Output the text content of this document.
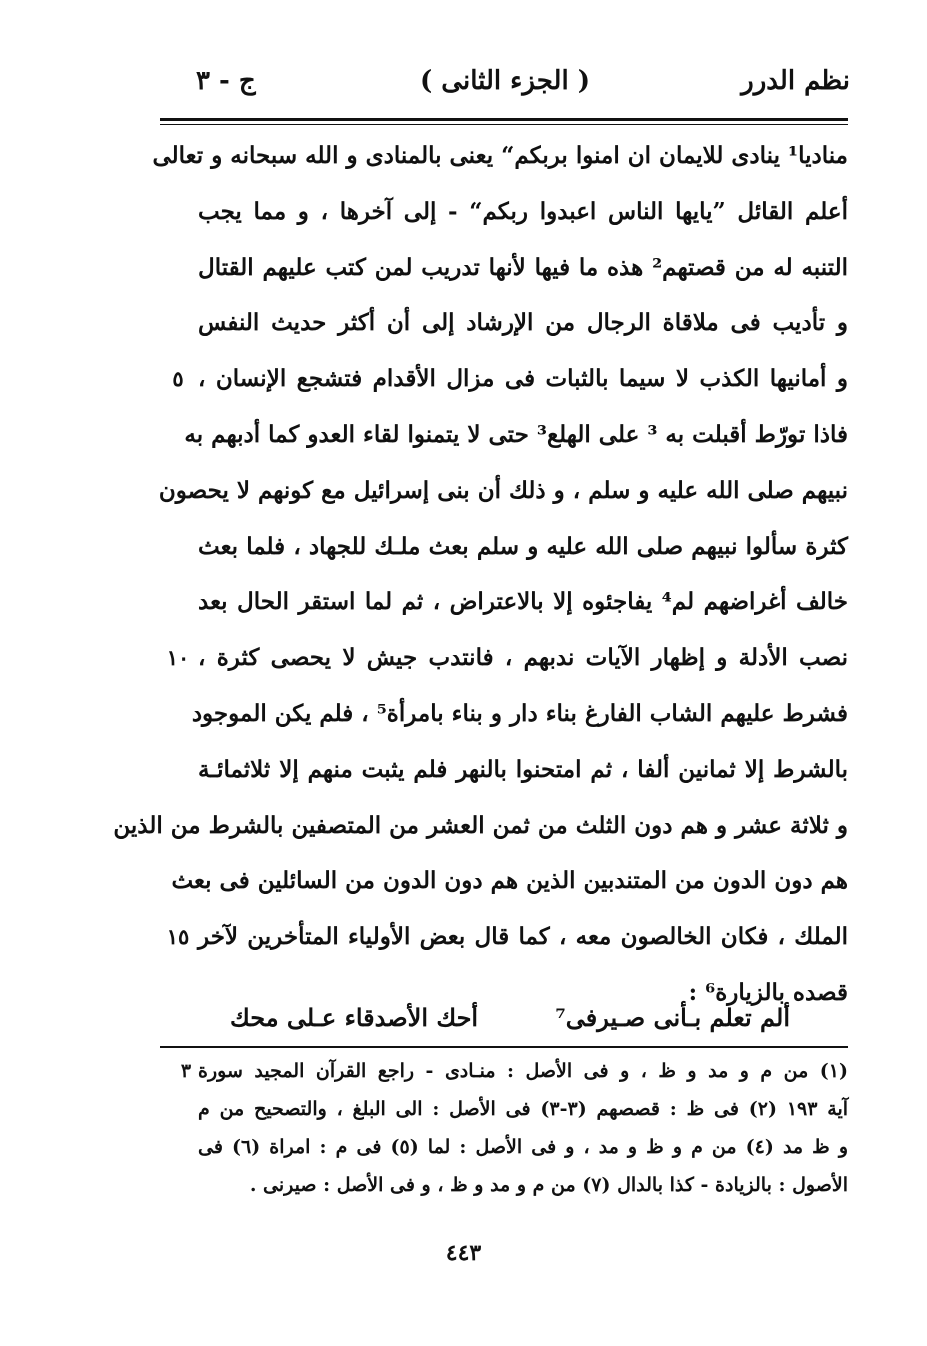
نظم الدرر
( الجزء الثانى )
ج - ٣
مناديا¹ ينادى للايمان ان امنوا بربكم“ يعنى بالمنادى و الله سبحانه و تعالى
أعلم القائل ”يايها الناس اعبدوا ربكم“ - إلى آخرها ، و مما يجب
التنبه له من قصتهم² هذه ما فيها لأنها تدريب لمن كتب عليهم القتال
و تأديب فى ملاقاة الرجال من الإرشاد إلى أن أكثر حديث النفس
و أمانيها الكذب لا سيما بالثبات فى مزال الأقدام فتشجع الإنسان ،
فاذا تورّط أقبلت به ³ على الهلع³ حتى لا يتمنوا لقاء العدو كما أدبهم به
نبيهم صلى الله عليه و سلم ، و ذلك أن بنى إسرائيل مع كونهم لا يحصون
كثرة سألوا نبيهم صلى الله عليه و سلم بعث ملـك للجهاد ، فلما بعث
خالف أغراضهم لم⁴ يفاجئوه إلا بالاعتراض ، ثم لما استقر الحال بعد
نصب الأدلة و إظهار الآيات ندبهم ، فانتدب جيش لا يحصى كثرة ،
فشرط عليهم الشاب الفارغ بناء دار و بناء بامرأة⁵ ، فلم يكن الموجود
بالشرط إلا ثمانين ألفا ، ثم امتحنوا بالنهر فلم يثبت منهم إلا ثلاثمائـة
و ثلاثة عشر و هم دون الثلث من ثمن العشر من المتصفين بالشرط من الذين
هم دون الدون من المتندبين الذين هم دون الدون من السائلين فى بعث
الملك ، فكان الخالصون معه ، كما قال بعض الأولياء المتأخرين لآخر
قصده بالزيارة⁶ :
٥
١٠
١٥
ألم تعلم بـأنى صـيرفى⁷
أحك الأصدقاء عـلى محك
٣ (١) من م و مد و ظ ، و فى الأصل : منـادى - راجع القرآن المجيد سورة
آية ١٩٣ (٢) فى ظ : قصصهم (٣-٣) فى الأصل : الى البلغ ، والتصحيح من م
و ظ مد (٤) من م و ظ و مد ، و فى الأصل : لما (٥) فى م : امراة (٦) فى
الأصول : بالزيادة - كذا بالدال (٧) من م و مد و ظ ، و فى الأصل : صيرنى .
٤٤٣
